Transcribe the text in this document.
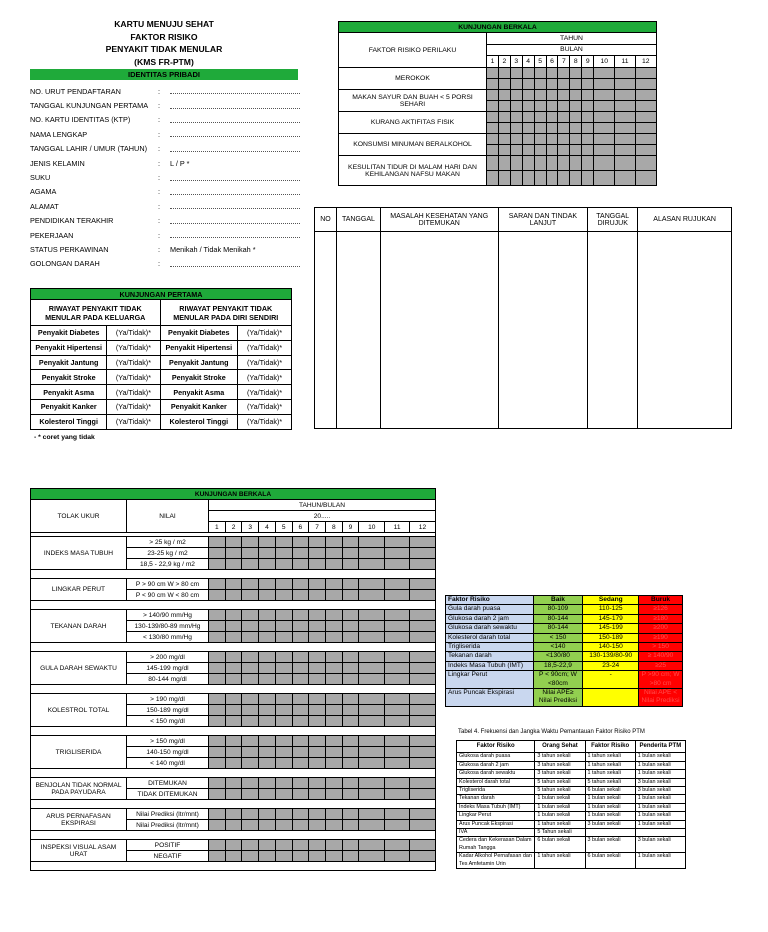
KARTU MENUJU SEHAT
FAKTOR RISIKO
PENYAKIT TIDAK MENULAR
(KMS FR-PTM)
IDENTITAS PRIBADI
NO. URUT PENDAFTARAN	:
TANGGAL KUNJUNGAN PERTAMA	:
NO. KARTU IDENTITAS (KTP)	:
NAMA LENGKAP	:
TANGGAL LAHIR / UMUR (TAHUN)	:
JENIS KELAMIN	:	L / P *
SUKU	:
AGAMA	:
ALAMAT	:
PENDIDIKAN TERAKHIR	:
PEKERJAAN	:
STATUS PERKAWINAN	:	Menikah / Tidak Menikah *
GOLONGAN DARAH	:
KUNJUNGAN PERTAMA			
RIWAYAT PENYAKIT TIDAK MENULAR PADA KELUARGA		RIWAYAT PENYAKIT TIDAK MENULAR PADA DIRI SENDIRI	
Penyakit Diabetes	(Ya/Tidak)*	Penyakit Diabetes	(Ya/Tidak)*
Penyakit Hipertensi	(Ya/Tidak)*	Penyakit Hipertensi	(Ya/Tidak)*
Penyakit Jantung	(Ya/Tidak)*	Penyakit Jantung	(Ya/Tidak)*
Penyakit Stroke	(Ya/Tidak)*	Penyakit Stroke	(Ya/Tidak)*
Penyakit Asma	(Ya/Tidak)*	Penyakit Asma	(Ya/Tidak)*
Penyakit Kanker	(Ya/Tidak)*	Penyakit Kanker	(Ya/Tidak)*
Kolesterol Tinggi	(Ya/Tidak)*	Kolesterol Tinggi	(Ya/Tidak)*
- * coret yang tidak
KUNJUNGAN BERKALA												
FAKTOR RISIKO PERILAKU	TAHUN											
	BULAN											
	1	2	3	4	5	6	7	8	9	10	11	12
MEROKOK												

MAKAN SAYUR DAN BUAH < 5 PORSI SEHARI												

KURANG AKTIFITAS FISIK												

KONSUMSI MINUMAN BERALKOHOL												

KESULITAN TIDUR DI MALAM HARI DAN KEHILANGAN NAFSU MAKAN												

NO	TANGGAL	MASALAH KESEHATAN YANG DITEMUKAN	SARAN DAN TINDAK LANJUT	TANGGAL DIRUJUK	ALASAN RUJUKAN

KUNJUNGAN BERKALA													
TOLAK UKUR	NILAI	TAHUN/BULAN											
		20.....											
		1	2	3	4	5	6	7	8	9	10	11	12

INDEKS MASA TUBUH	> 25 kg / m2												
	23-25 kg / m2												
	18,5 - 22,9 kg / m2												

LINGKAR PERUT	P > 90 cm W > 80 cm												
	P < 90 cm W < 80 cm												

TEKANAN DARAH	> 140/90 mm/Hg												
	130-139/80-89 mm/Hg												
	< 130/80 mm/Hg												

GULA DARAH SEWAKTU	> 200 mg/dl												
	145-199 mg/dl												
	80-144 mg/dl												

KOLESTROL TOTAL	> 190 mg/dl												
	150-189 mg/dl												
	< 150 mg/dl												

TRIGLISERIDA	> 150 mg/dl												
	140-150 mg/dl												
	< 140 mg/dl												

BENJOLAN TIDAK NORMAL PADA PAYUDARA	DITEMUKAN												
	TIDAK DITEMUKAN												

ARUS PERNAFASAN EKSPIRASI	Nilai Prediksi (ltr/mnt)												
	Nilai Prediksi (ltr/mnt)												

INSPEKSI VISUAL ASAM URAT	POSITIF												
	NEGATIF												

Faktor Risiko	Baik	Sedang	Buruk
Gula darah puasa	80-109	110-125	≥126
Glukosa darah 2 jam	80-144	145-179	≥180
Glukosa darah sewaktu	80-144	145-199	≥200
Kolesterol darah total	< 150	150-189	≥190
Trigliserida	<140	140-150	> 150
Tekanan darah	<130/80	130-139/80-90	≥ 140/90
Indeks Masa Tubuh (IMT)	18,5-22,9	23-24	≥25
Lingkar Perut	P < 90cm; W <80cm	-	P >90 cm; W >80 cm
Arus Puncak Ekspirasi	Nilai APE≥ Nilai Prediksi		Nilai APE < Nilai Prediksi
Tabel 4. Frekuensi dan Jangka Waktu Pemantauan Faktor Risiko PTM
Faktor Risiko	Orang Sehat	Faktor Risiko	Penderita PTM
Glukosa darah puasa	3 tahun sekali	1 tahun sekali	1 bulan sekali
Glukosa darah 2 jam	3 tahun sekali	1 tahun sekali	1 bulan sekali
Glukosa darah sewaktu	3 tahun sekali	1 tahun sekali	1 bulan sekali
Kolesterol darah total	5 tahun sekali	5 tahun sekali	3 bulan sekali
Trigliserida	5 tahun sekali	6 bulan sekali	3 bulan sekali
Tekanan darah	1 bulan sekali	1 bulan sekali	1 bulan sekali
Indeks Masa Tubuh (IMT)	1 bulan sekali	1 bulan sekali	1 bulan sekali
Lingkar Perut	1 bulan sekali	1 bulan sekali	1 bulan sekali
Arus Puncak Ekspirasi	1 tahun sekali	3 bulan sekali	1 bulan sekali
IVA	5 Tahun sekali		
Cedera dan Kekerasan Dalam Rumah Tangga	6 bulan sekali	3 bulan sekali	3 bulan sekali
Kadar Alkohol Pernafasan dan Tes Amfetamin Urin	1 tahun sekali	6 bulan sekali	1 bulan sekali
